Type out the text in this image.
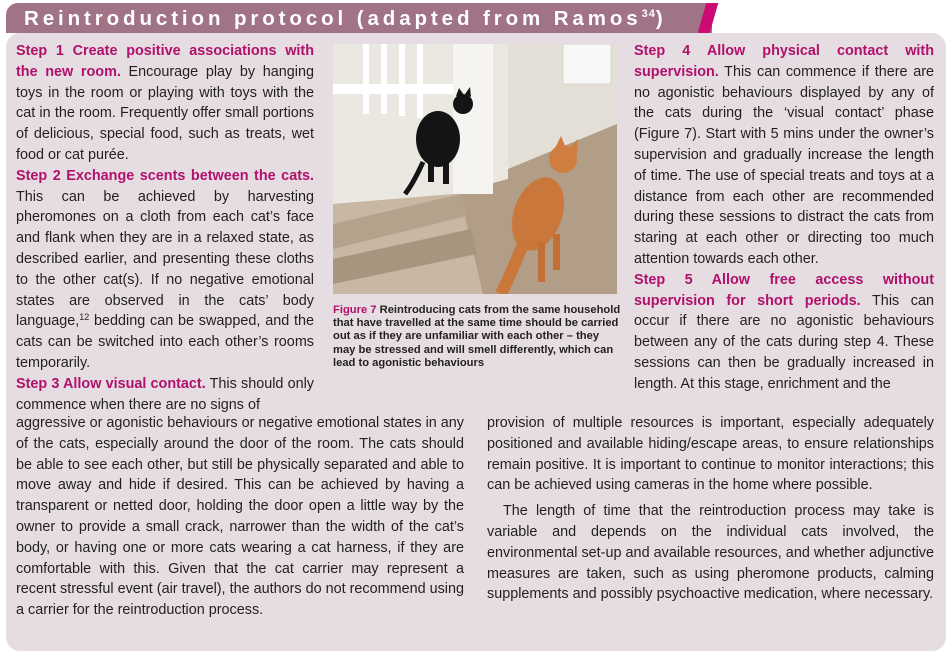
Reintroduction protocol (adapted from Ramos$^{34}$)

Step 1 Create positive associations with the new room. Encourage play by hanging toys in the room or playing with toys with the cat in the room. Frequently offer small portions of delicious, special food, such as treats, wet food or cat purée.

Step 2 Exchange scents between the cats. This can be achieved by harvesting pheromones on a cloth from each cat’s face and flank when they are in a relaxed state, as described earlier, and presenting these cloths to the other cat(s). If no negative emotional states are observed in the cats’ body language,$^{12}$ bedding can be swapped, and the cats can be switched into each other’s rooms temporarily.

Step 3 Allow visual contact. This should only commence when there are no signs of

Figure 7 Reintroducing cats from the same household that have travelled at the same time should be carried out as if they are unfamiliar with each other – they may be stressed and will smell differently, which can lead to agonistic behaviours

Step 4 Allow physical contact with supervision. This can commence if there are no agonistic behaviours displayed by any of the cats during the ‘visual contact’ phase (Figure 7). Start with 5 mins under the owner’s supervision and gradually increase the length of time. The use of special treats and toys at a distance from each other are recommended during these sessions to distract the cats from staring at each other or directing too much attention towards each other.

Step 5 Allow free access without supervision for short periods. This can occur if there are no agonistic behaviours between any of the cats during step 4. These sessions can then be gradually increased in length. At this stage, enrichment and the

aggressive or agonistic behaviours or negative emotional states in any of the cats, especially around the door of the room. The cats should be able to see each other, but still be physically separated and able to move away and hide if desired. This can be achieved by having a transparent or netted door, holding the door open a little way by the owner to provide a small crack, narrower than the width of the cat’s body, or having one or more cats wearing a cat harness, if they are comfortable with this. Given that the cat carrier may represent a recent stressful event (air travel), the authors do not recommend using a carrier for the reintroduction process.

provision of multiple resources is important, especially adequately positioned and available hiding/escape areas, to ensure relationships remain positive. It is important to continue to monitor interactions; this can be achieved using cameras in the home where possible.

The length of time that the reintroduction process may take is variable and depends on the individual cats involved, the environmental set-up and available resources, and whether adjunctive measures are taken, such as using pheromone products, calming supplements and possibly psychoactive medication, where necessary.
